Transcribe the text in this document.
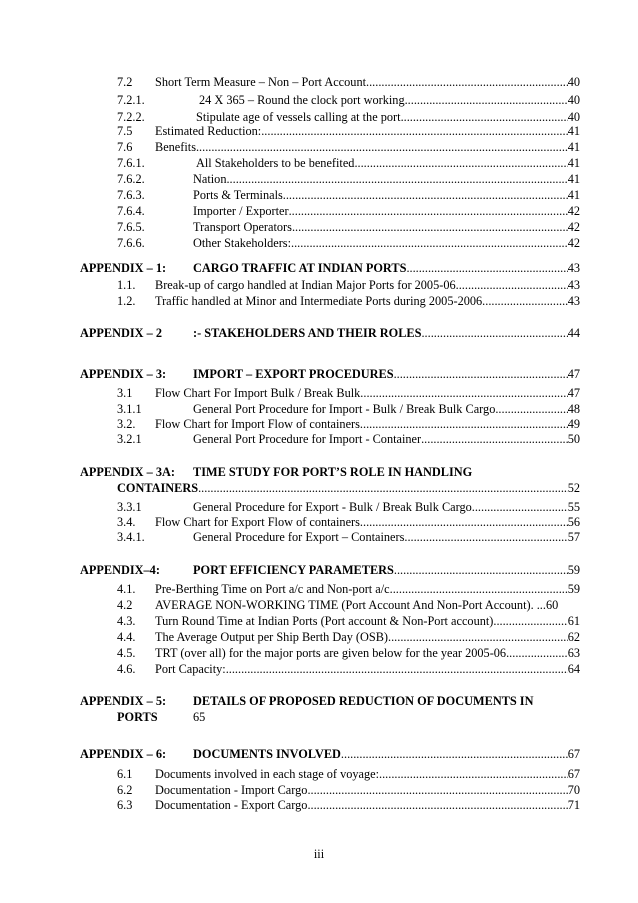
7.2 Short Term Measure – Non – Port Account .....	40
7.2.1.	24 X 365 – Round the clock port working .....	40
7.2.2.	Stipulate age of vessels calling at the port .....	40
7.5 Estimated Reduction: .....	41
7.6 Benefits .....	41
7.6.1.	All Stakeholders to be benefited .....	41
7.6.2.	Nation .....	41
7.6.3.	Ports & Terminals .....	41
7.6.4.	Importer / Exporter .....	42
7.6.5.	Transport Operators .....	42
7.6.6.	Other Stakeholders: .....	42
APPENDIX – 1: CARGO TRAFFIC AT INDIAN PORTS .....	43
1.1. Break-up of cargo handled at Indian Major Ports for 2005-06 .....	43
1.2. Traffic handled at Minor and Intermediate Ports during 2005-2006 .....	43
APPENDIX – 2	:- STAKEHOLDERS AND THEIR ROLES .....	44
APPENDIX – 3: IMPORT – EXPORT PROCEDURES .....	47
3.1 Flow Chart For Import Bulk / Break Bulk .....	47
3.1.1	General Port Procedure for Import - Bulk / Break Bulk Cargo .....	48
3.2. Flow Chart for Import Flow of containers .....	49
3.2.1	General Port Procedure for Import - Container .....	50
APPENDIX – 3A: TIME STUDY FOR PORT’S ROLE IN HANDLING
CONTAINERS .....	52
3.3.1	General Procedure for Export - Bulk / Break Bulk Cargo .....	55
3.4. Flow Chart for Export Flow of containers .....	56
3.4.1.	General Procedure for Export – Containers .....	57
APPENDIX–4:	PORT EFFICIENCY PARAMETERS .....	59
4.1. Pre-Berthing Time on Port a/c and Non-port a/c .....	59
4.2 AVERAGE NON-WORKING TIME (Port Account And Non-Port Account). ... 60
4.3. Turn Round Time at Indian Ports (Port account & Non-Port account) .....	61
4.4. The Average Output per Ship Berth Day (OSB) .....	62
4.5. TRT (over all) for the major ports are given below for the year 2005-06. .....	63
4.6. Port Capacity: .....	64
APPENDIX – 5: DETAILS OF PROPOSED REDUCTION OF DOCUMENTS IN
PORTS	65
APPENDIX – 6: DOCUMENTS INVOLVED .....	67
6.1 Documents involved in each stage of voyage: .....	67
6.2 Documentation - Import Cargo .....	70
6.3 Documentation - Export Cargo .....	71
iii
